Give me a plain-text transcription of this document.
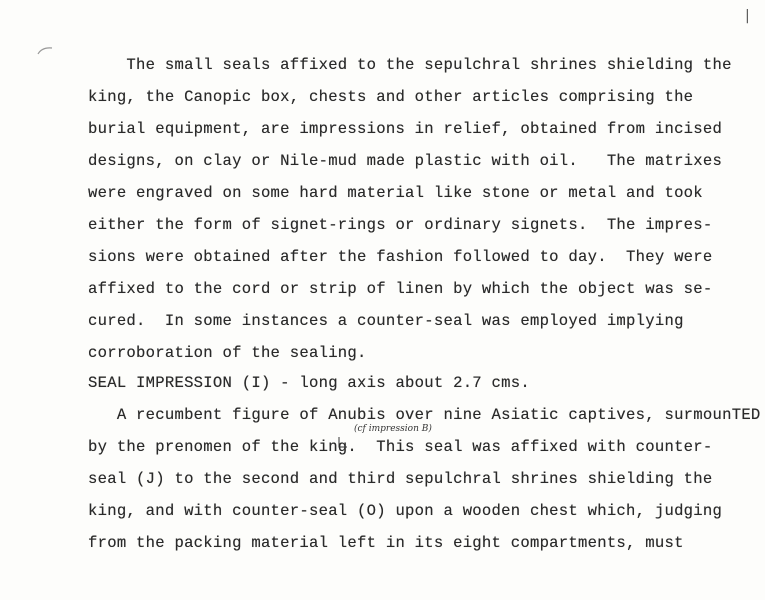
|
The small seals affixed to the sepulchral shrines shielding the
king, the Canopic box, chests and other articles comprising the
burial equipment, are impressions in relief, obtained from incised
designs, on clay or Nile-mud made plastic with oil.   The matrixes
were engraved on some hard material like stone or metal and took
either the form of signet-rings or ordinary signets.  The impres-
sions were obtained after the fashion followed to day.  They were
affixed to the cord or strip of linen by which the object was se-
cured.  In some instances a counter-seal was employed implying
corroboration of the sealing.
SEAL IMPRESSION (I) - long axis about 2.7 cms.
A recumbent figure of Anubis over nine Asiatic captives, surmounTED
by the prenomen of the king.  This seal was affixed with counter-
seal (J) to the second and third sepulchral shrines shielding the
king, and with counter-seal (O) upon a wooden chest which, judging
from the packing material left in its eight compartments, must
(cf impression B)
